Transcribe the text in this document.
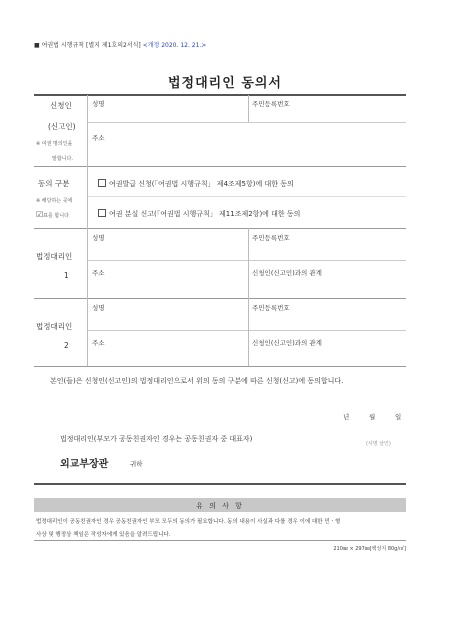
■ 여권법 시행규칙 [별지 제1호의2서식] <개정 2020. 12. 21.>
법정대리인 동의서
신청인
(신고인)
※ 여권 명의인을
말합니다.
성명	주민등록번호
주소
동의 구분
※ 해당하는 곳에
☑표를 합니다
여권발급 신청(「여권법 시행규칙」 제4조제5항)에 대한 동의
여권 분실 신고(「여권법 시행규칙」 제11조제2항)에 대한 동의
법정대리인
1
성명	주민등록번호
주소	신청인(신고인)과의 관계
법정대리인
2
성명	주민등록번호
주소	신청인(신고인)과의 관계
본인(들)은 신청인(신고인)의 법정대리인으로서 위의 동의 구분에 따른 신청(신고)에 동의합니다.
년	월	일
법정대리인(부모가 공동친권자인 경우는 공동친권자 중 대표자)
(서명 날인)
외교부장관	귀하
유 의 사 항
법정대리인이 공동친권자인 경우 공동친권자인 부모 모두의 동의가 필요합니다. 동의 내용이 사실과 다를 경우 이에 대한 민ㆍ형
사상 및 행정상 책임은 작성자에게 있음을 알려드립니다.
210㎜ × 297㎜[백상지 80g/㎡]
